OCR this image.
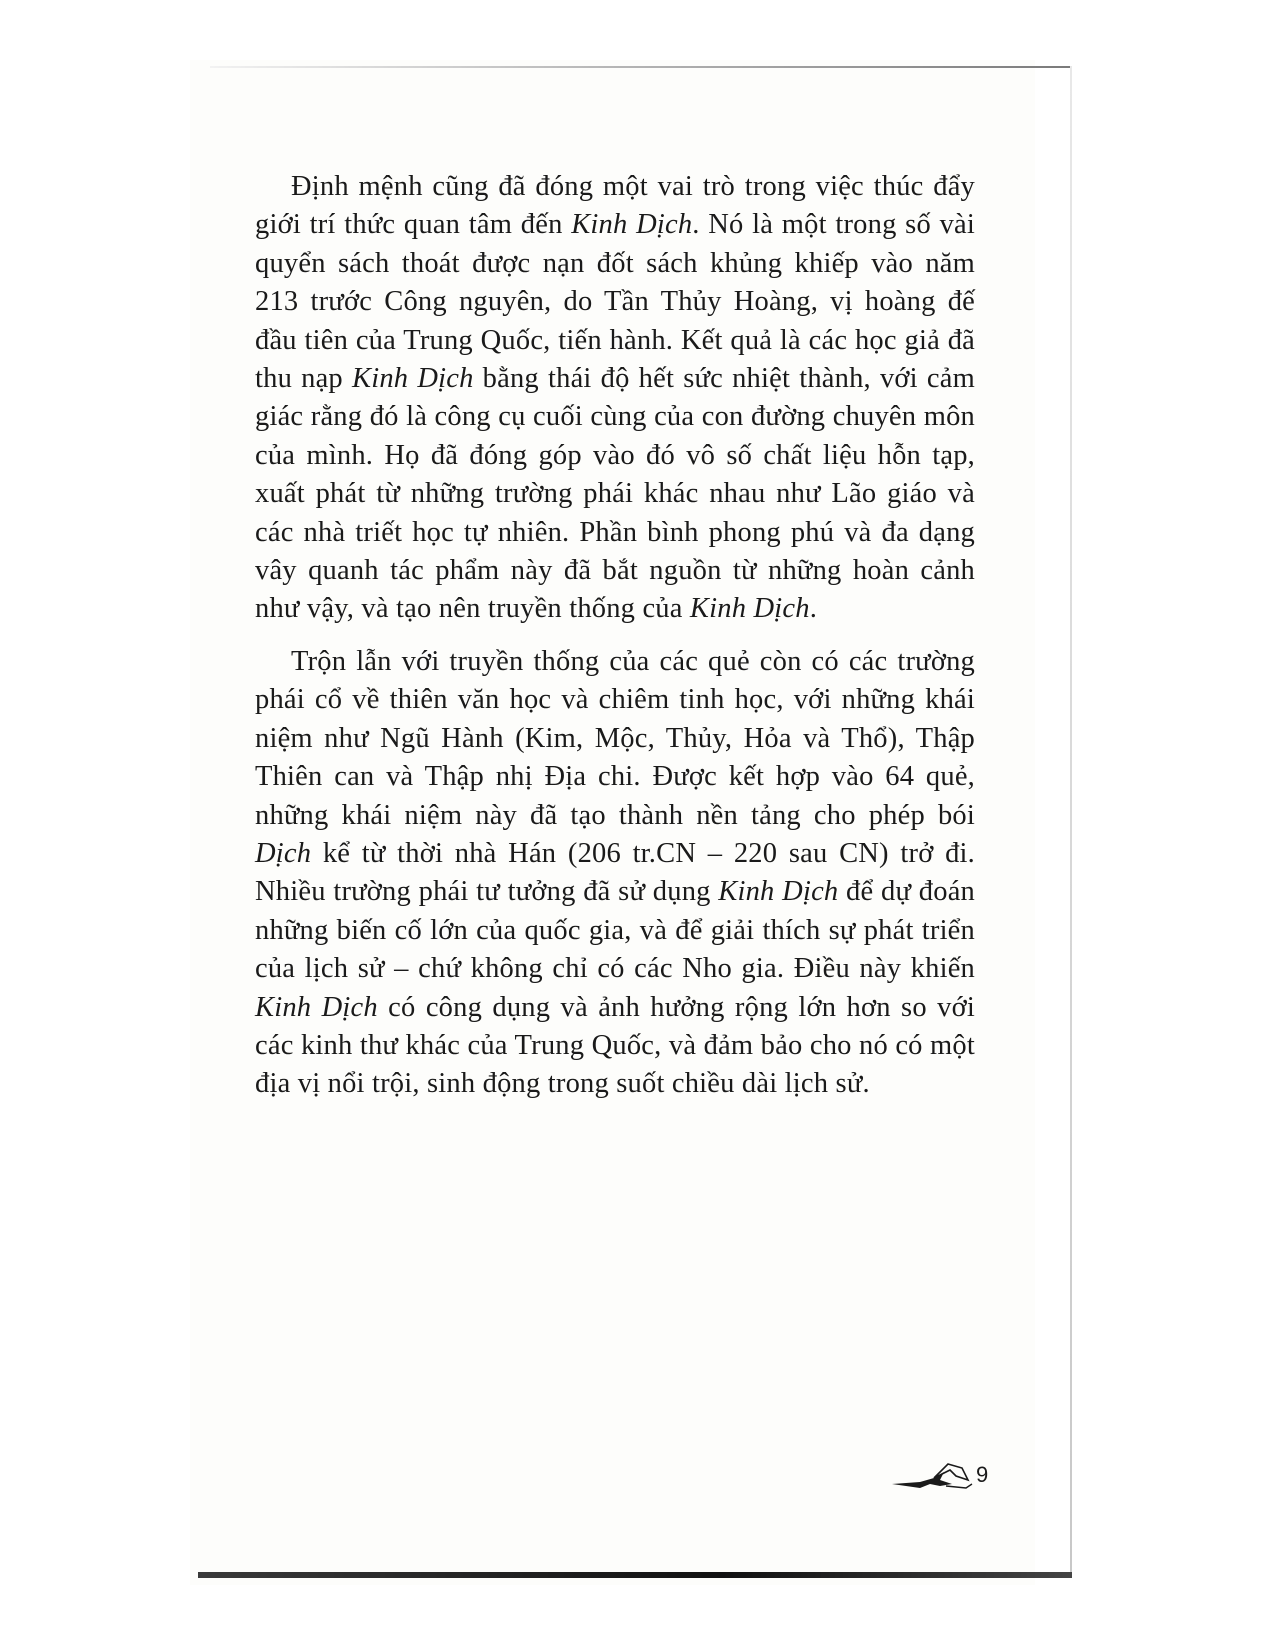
Định mệnh cũng đã đóng một vai trò trong việc thúc đẩy giới trí thức quan tâm đến Kinh Dịch. Nó là một trong số vài quyển sách thoát được nạn đốt sách khủng khiếp vào năm 213 trước Công nguyên, do Tần Thủy Hoàng, vị hoàng đế đầu tiên của Trung Quốc, tiến hành. Kết quả là các học giả đã thu nạp Kinh Dịch bằng thái độ hết sức nhiệt thành, với cảm giác rằng đó là công cụ cuối cùng của con đường chuyên môn của mình. Họ đã đóng góp vào đó vô số chất liệu hỗn tạp, xuất phát từ những trường phái khác nhau như Lão giáo và các nhà triết học tự nhiên. Phần bình phong phú và đa dạng vây quanh tác phẩm này đã bắt nguồn từ những hoàn cảnh như vậy, và tạo nên truyền thống của Kinh Dịch.

Trộn lẫn với truyền thống của các quẻ còn có các trường phái cổ về thiên văn học và chiêm tinh học, với những khái niệm như Ngũ Hành (Kim, Mộc, Thủy, Hỏa và Thổ), Thập Thiên can và Thập nhị Địa chi. Được kết hợp vào 64 quẻ, những khái niệm này đã tạo thành nền tảng cho phép bói Dịch kể từ thời nhà Hán (206 tr.CN – 220 sau CN) trở đi. Nhiều trường phái tư tưởng đã sử dụng Kinh Dịch để dự đoán những biến cố lớn của quốc gia, và để giải thích sự phát triển của lịch sử – chứ không chỉ có các Nho gia. Điều này khiến Kinh Dịch có công dụng và ảnh hưởng rộng lớn hơn so với các kinh thư khác của Trung Quốc, và đảm bảo cho nó có một địa vị nổi trội, sinh động trong suốt chiều dài lịch sử.

9
